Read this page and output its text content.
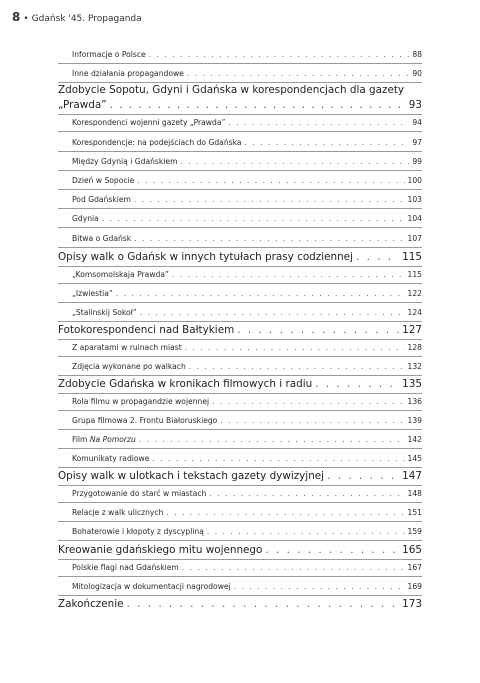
8 • Gdańsk '45. Propaganda
Informacje o Polsce . . .	88
Inne działania propagandowe . . .	90
Zdobycie Sopotu, Gdyni i Gdańska w korespondencjach dla gazety
„Prawda” . . .	93
Korespondenci wojenni gazety „Prawda” . . .	94
Korespondencje: na podejściach do Gdańska . . .	97
Między Gdynią i Gdańskiem . . .	99
Dzień w Sopocie . . .	100
Pod Gdańskiem . . .	103
Gdynia . . .	104
Bitwa o Gdańsk . . .	107
Opisy walk o Gdańsk w innych tytułach prasy codziennej . . .	115
„Komsomolskaja Prawda” . . .	115
„Izwiestia” . . .	122
„Stalinskij Sokoł” . . .	124
Fotokorespondenci nad Bałtykiem . . .	127
Z aparatami w ruinach miast . . .	128
Zdjęcia wykonane po walkach . . .	132
Zdobycie Gdańska w kronikach filmowych i radiu . . .	135
Rola filmu w propagandzie wojennej . . .	136
Grupa filmowa 2. Frontu Białoruskiego . . .	139
Film Na Pomorzu . . .	142
Komunikaty radiowe . . .	145
Opisy walk w ulotkach i tekstach gazety dywizyjnej . . .	147
Przygotowanie do starć w miastach . . .	148
Relacje z walk ulicznych . . .	151
Bohaterowie i kłopoty z dyscypliną . . .	159
Kreowanie gdańskiego mitu wojennego . . .	165
Polskie flagi nad Gdańskiem . . .	167
Mitologizacja w dokumentacji nagrodowej . . .	169
Zakończenie . . .	173
